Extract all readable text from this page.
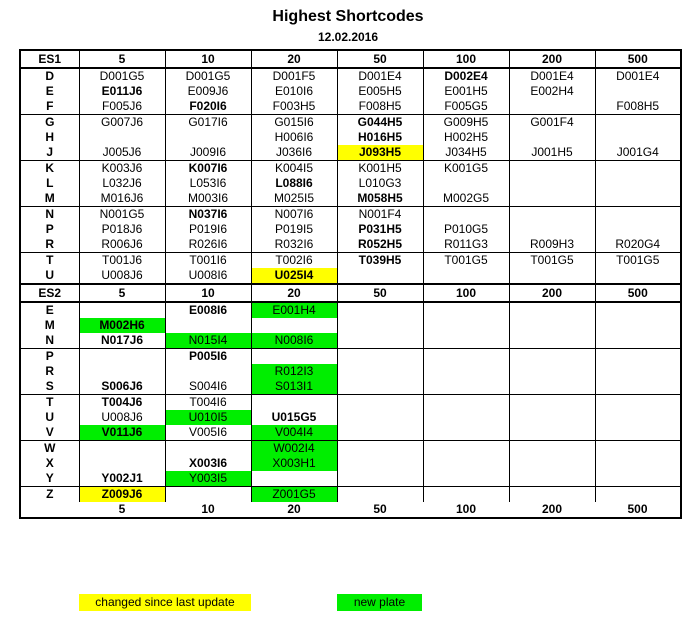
Highest Shortcodes
12.02.2016
ES1	5	10	20	50	100	200	500
D	D001G5	D001G5	D001F5	D001E4	D002E4	D001E4	D001E4
E	E011J6	E009J6	E010I6	E005H5	E001H5	E002H4	
F	F005J6	F020I6	F003H5	F008H5	F005G5		F008H5
G	G007J6	G017I6	G015I6	G044H5	G009H5	G001F4	
H			H006I6	H016H5	H002H5		
J	J005J6	J009I6	J036I6	J093H5	J034H5	J001H5	J001G4
K	K003J6	K007I6	K004I5	K001H5	K001G5		
L	L032J6	L053I6	L088I6	L010G3			
M	M016J6	M003I6	M025I5	M058H5	M002G5		
N	N001G5	N037I6	N007I6	N001F4			
P	P018J6	P019I6	P019I5	P031H5	P010G5		
R	R006J6	R026I6	R032I6	R052H5	R011G3	R009H3	R020G4
T	T001J6	T001I6	T002I6	T039H5	T001G5	T001G5	T001G5
U	U008J6	U008I6	U025I4				
ES2	5	10	20	50	100	200	500
E		E008I6	E001H4				
M	M002H6						
N	N017J6	N015I4	N008I6				
P		P005I6					
R			R012I3				
S	S006J6	S004I6	S013I1				
T	T004J6	T004I6					
U	U008J6	U010I5	U015G5				
V	V011J6	V005I6	V004I4				
W			W002I4				
X		X003I6	X003H1				
Y	Y002J1	Y003I5					
Z	Z009J6		Z001G5				
	5	10	20	50	100	200	500
changed since last update	new plate
